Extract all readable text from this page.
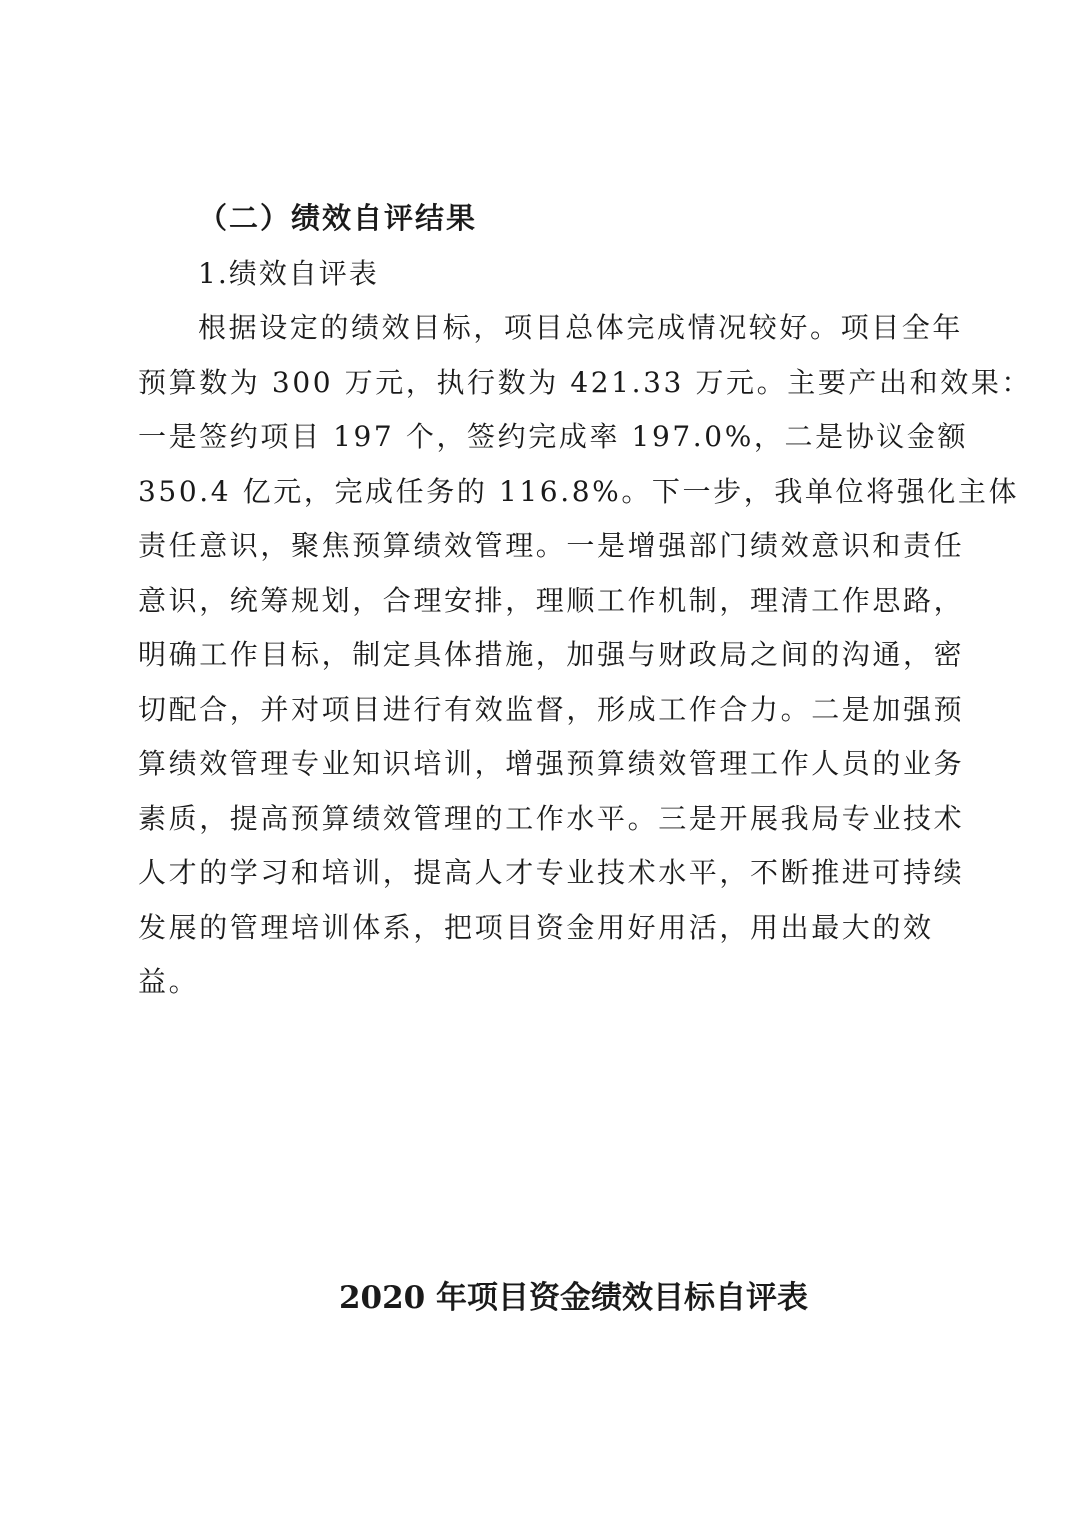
（二）绩效自评结果
1.绩效自评表
根据设定的绩效目标，项目总体完成情况较好。项目全年
预算数为 300 万元，执行数为 421.33 万元。主要产出和效果：
一是签约项目 197 个，签约完成率 197.0%，二是协议金额
350.4 亿元，完成任务的 116.8%。下一步，我单位将强化主体
责任意识，聚焦预算绩效管理。一是增强部门绩效意识和责任
意识，统筹规划，合理安排，理顺工作机制，理清工作思路，
明确工作目标，制定具体措施，加强与财政局之间的沟通，密
切配合，并对项目进行有效监督，形成工作合力。二是加强预
算绩效管理专业知识培训，增强预算绩效管理工作人员的业务
素质，提高预算绩效管理的工作水平。三是开展我局专业技术
人才的学习和培训，提高人才专业技术水平，不断推进可持续
发展的管理培训体系，把项目资金用好用活，用出最大的效
益。
2020 年项目资金绩效目标自评表
